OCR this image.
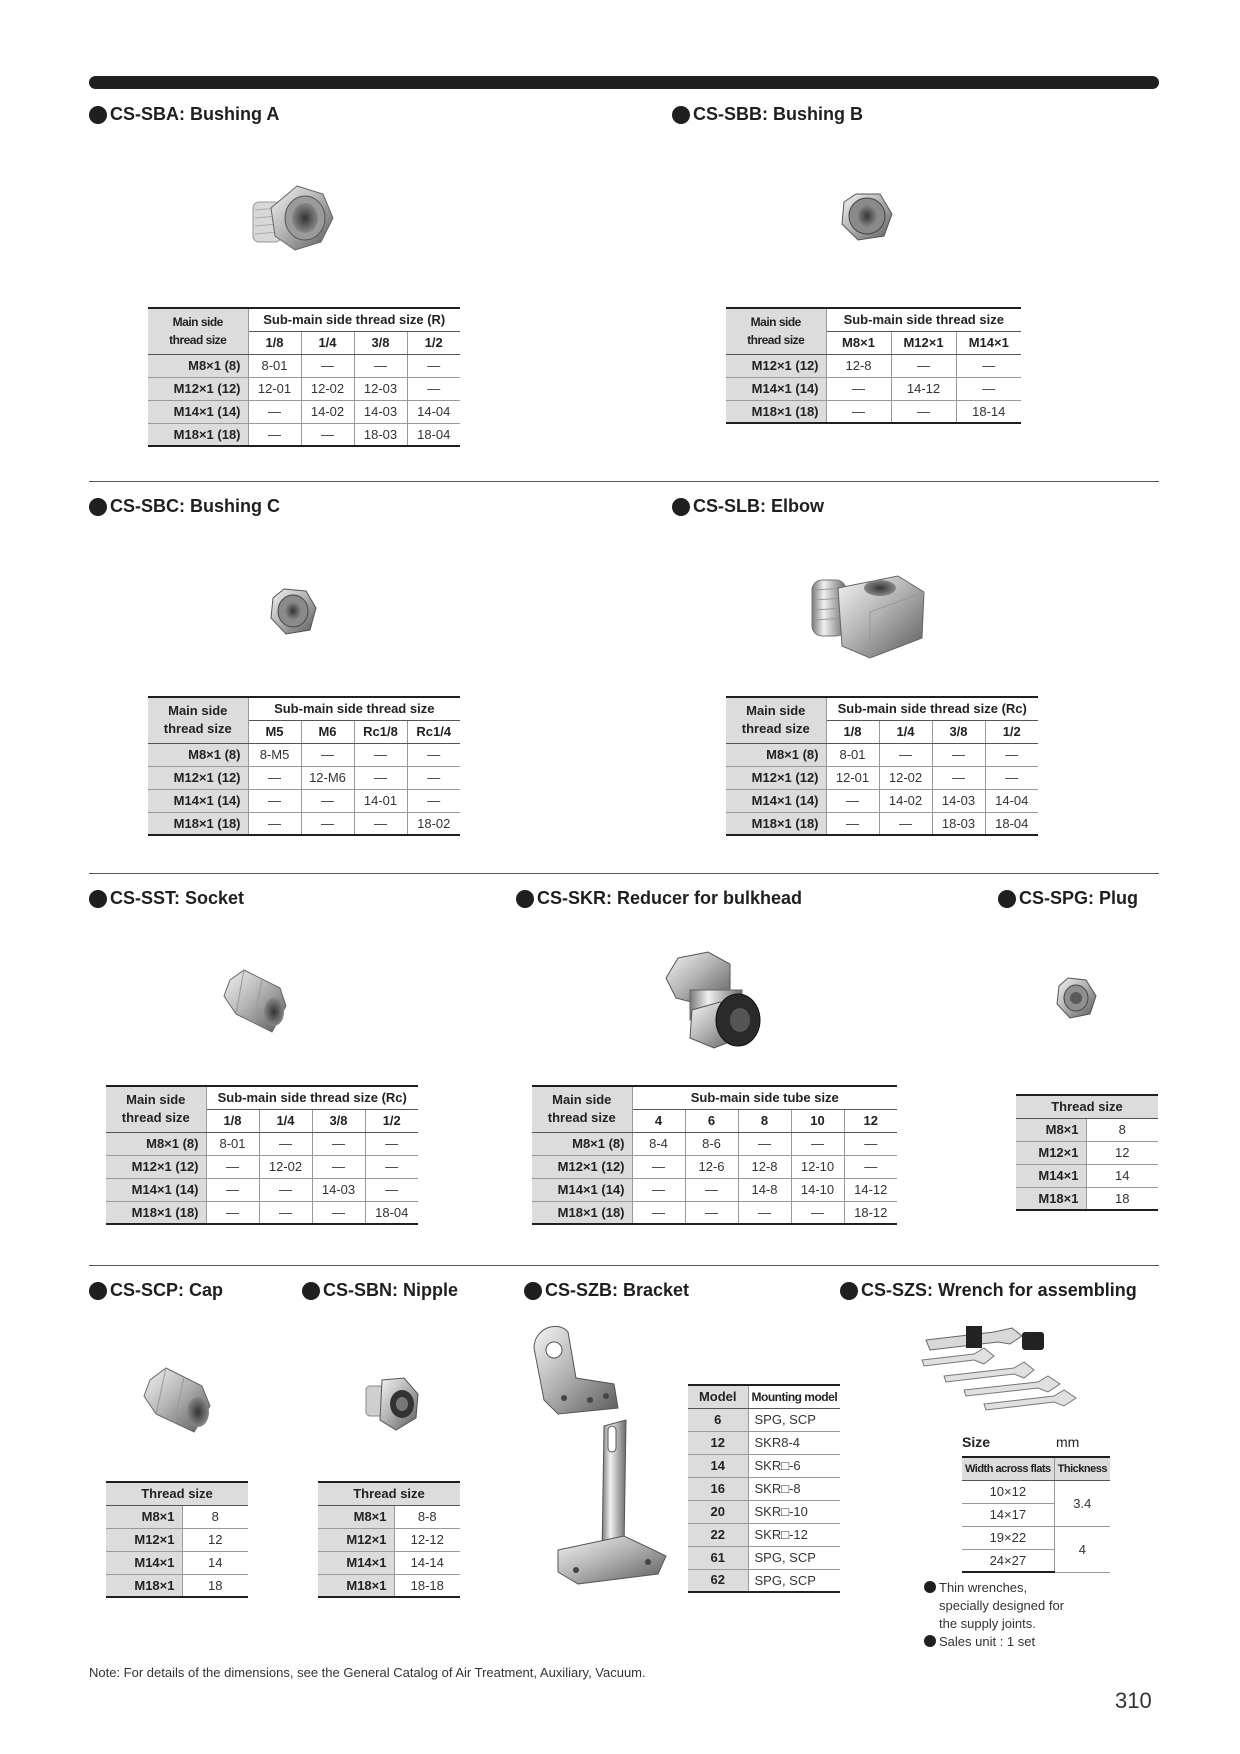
CS-SBA: Bushing A	CS-SBB: Bushing B
Main side
thread size	Sub-main side thread size (R)			
	1/8	1/4	3/8	1/2
M8×1 (8)	8-01	—	—	—
M12×1 (12)	12-01	12-02	12-03	—
M14×1 (14)	—	14-02	14-03	14-04
M18×1 (18)	—	—	18-03	18-04
Main side
thread size	Sub-main side thread size		
	M8×1	M12×1	M14×1
M12×1 (12)	12-8	—	—
M14×1 (14)	—	14-12	—
M18×1 (18)	—	—	18-14
CS-SBC: Bushing C	CS-SLB: Elbow
Main side
thread size	Sub-main side thread size			
	M5	M6	Rc1/8	Rc1/4
M8×1 (8)	8-M5	—	—	—
M12×1 (12)	—	12-M6	—	—
M14×1 (14)	—	—	14-01	—
M18×1 (18)	—	—	—	18-02
Main side
thread size	Sub-main side thread size (Rc)			
	1/8	1/4	3/8	1/2
M8×1 (8)	8-01	—	—	—
M12×1 (12)	12-01	12-02	—	—
M14×1 (14)	—	14-02	14-03	14-04
M18×1 (18)	—	—	18-03	18-04
CS-SST: Socket	CS-SKR: Reducer for bulkhead	CS-SPG: Plug
Main side
thread size	Sub-main side thread size (Rc)			
	1/8	1/4	3/8	1/2
M8×1 (8)	8-01	—	—	—
M12×1 (12)	—	12-02	—	—
M14×1 (14)	—	—	14-03	—
M18×1 (18)	—	—	—	18-04
Main side
thread size	Sub-main side tube size				
	4	6	8	10	12
M8×1 (8)	8-4	8-6	—	—	—
M12×1 (12)	—	12-6	12-8	12-10	—
M14×1 (14)	—	—	14-8	14-10	14-12
M18×1 (18)	—	—	—	—	18-12
Thread size	
M8×1	8
M12×1	12
M14×1	14
M18×1	18
CS-SCP: Cap	CS-SBN: Nipple	CS-SZB: Bracket	CS-SZS: Wrench for assembling
Thread size	
M8×1	8
M12×1	12
M14×1	14
M18×1	18
Thread size	
M8×1	8-8
M12×1	12-12
M14×1	14-14
M18×1	18-18
Model	Mounting model
6	SPG, SCP
12	SKR8-4
14	SKR□-6
16	SKR□-8
20	SKR□-10
22	SKR□-12
61	SPG, SCP
62	SPG, SCP
Size	mm
Width across flats	Thickness
10×12	3.4
14×17	
19×22	4
24×27	
Thin wrenches,
specially designed for
the supply joints.
Sales unit : 1 set
Note: For details of the dimensions, see the General Catalog of Air Treatment, Auxiliary, Vacuum.
310
